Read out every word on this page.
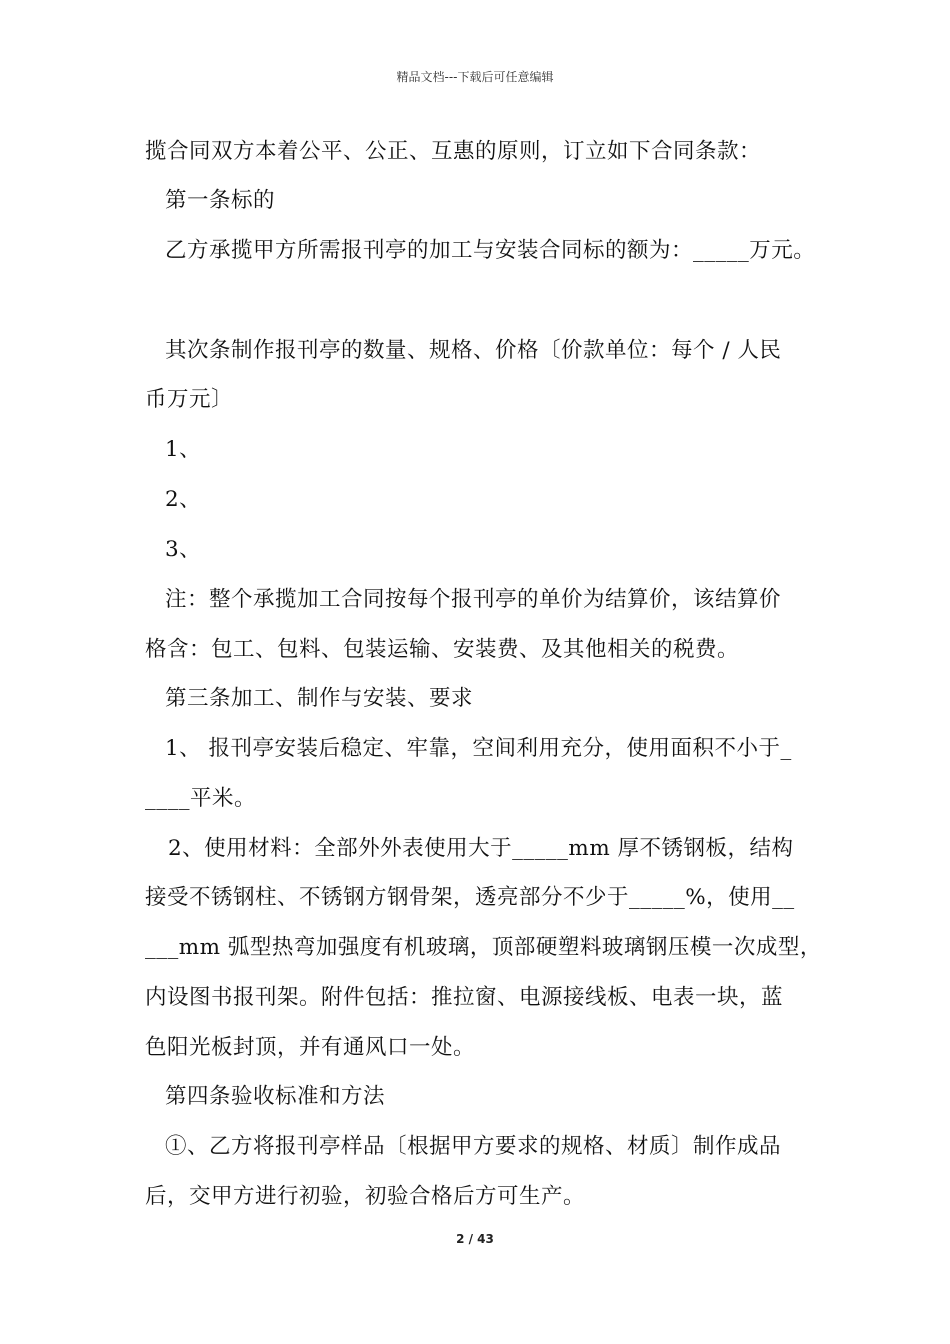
精品文档---下载后可任意编辑
揽合同双方本着公平、公正、互惠的原则，订立如下合同条款：
第一条标的
乙方承揽甲方所需报刊亭的加工与安装合同标的额为：_____万元。
其次条制作报刊亭的数量、规格、价格〔价款单位：每个 / 人民
币万元〕
1、
2、
3、
注：整个承揽加工合同按每个报刊亭的单价为结算价，该结算价
格含：包工、包料、包装运输、安装费、及其他相关的税费。
第三条加工、制作与安装、要求
1、 报刊亭安装后稳定、牢靠，空间利用充分，使用面积不小于_
____平米。
2、使用材料：全部外外表使用大于_____mm 厚不锈钢板，结构
接受不锈钢柱、不锈钢方钢骨架，透亮部分不少于_____%，使用__
___mm 弧型热弯加强度有机玻璃，顶部硬塑料玻璃钢压模一次成型，
内设图书报刊架。附件包括：推拉窗、电源接线板、电表一块，蓝
色阳光板封顶，并有通风口一处。
第四条验收标准和方法
①、乙方将报刊亭样品〔根据甲方要求的规格、材质〕制作成品
后，交甲方进行初验，初验合格后方可生产。
2 / 43
